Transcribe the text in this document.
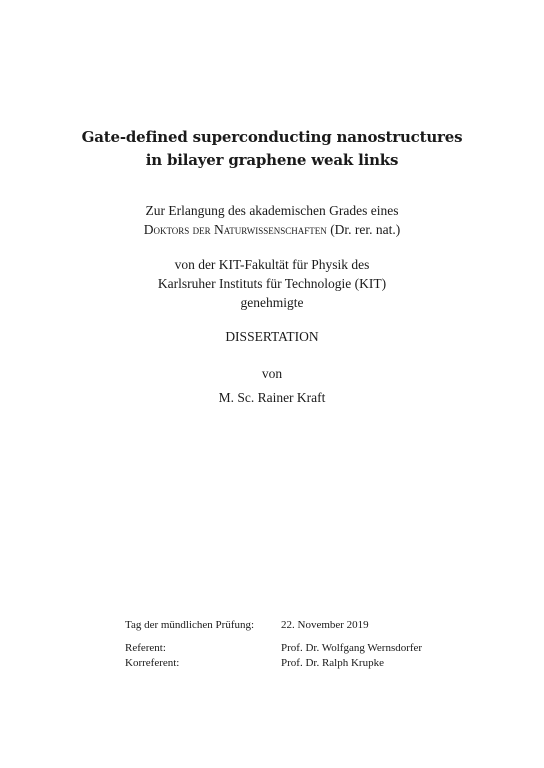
Gate-defined superconducting nanostructures
in bilayer graphene weak links
Zur Erlangung des akademischen Grades eines
Doktors der Naturwissenschaften (Dr. rer. nat.)
von der KIT-Fakultät für Physik des
Karlsruher Instituts für Technologie (KIT)
genehmigte
DISSERTATION
von
M. Sc. Rainer Kraft
Tag der mündlichen Prüfung:	22. November 2019
Referent:	Prof. Dr. Wolfgang Wernsdorfer
Korreferent:	Prof. Dr. Ralph Krupke
